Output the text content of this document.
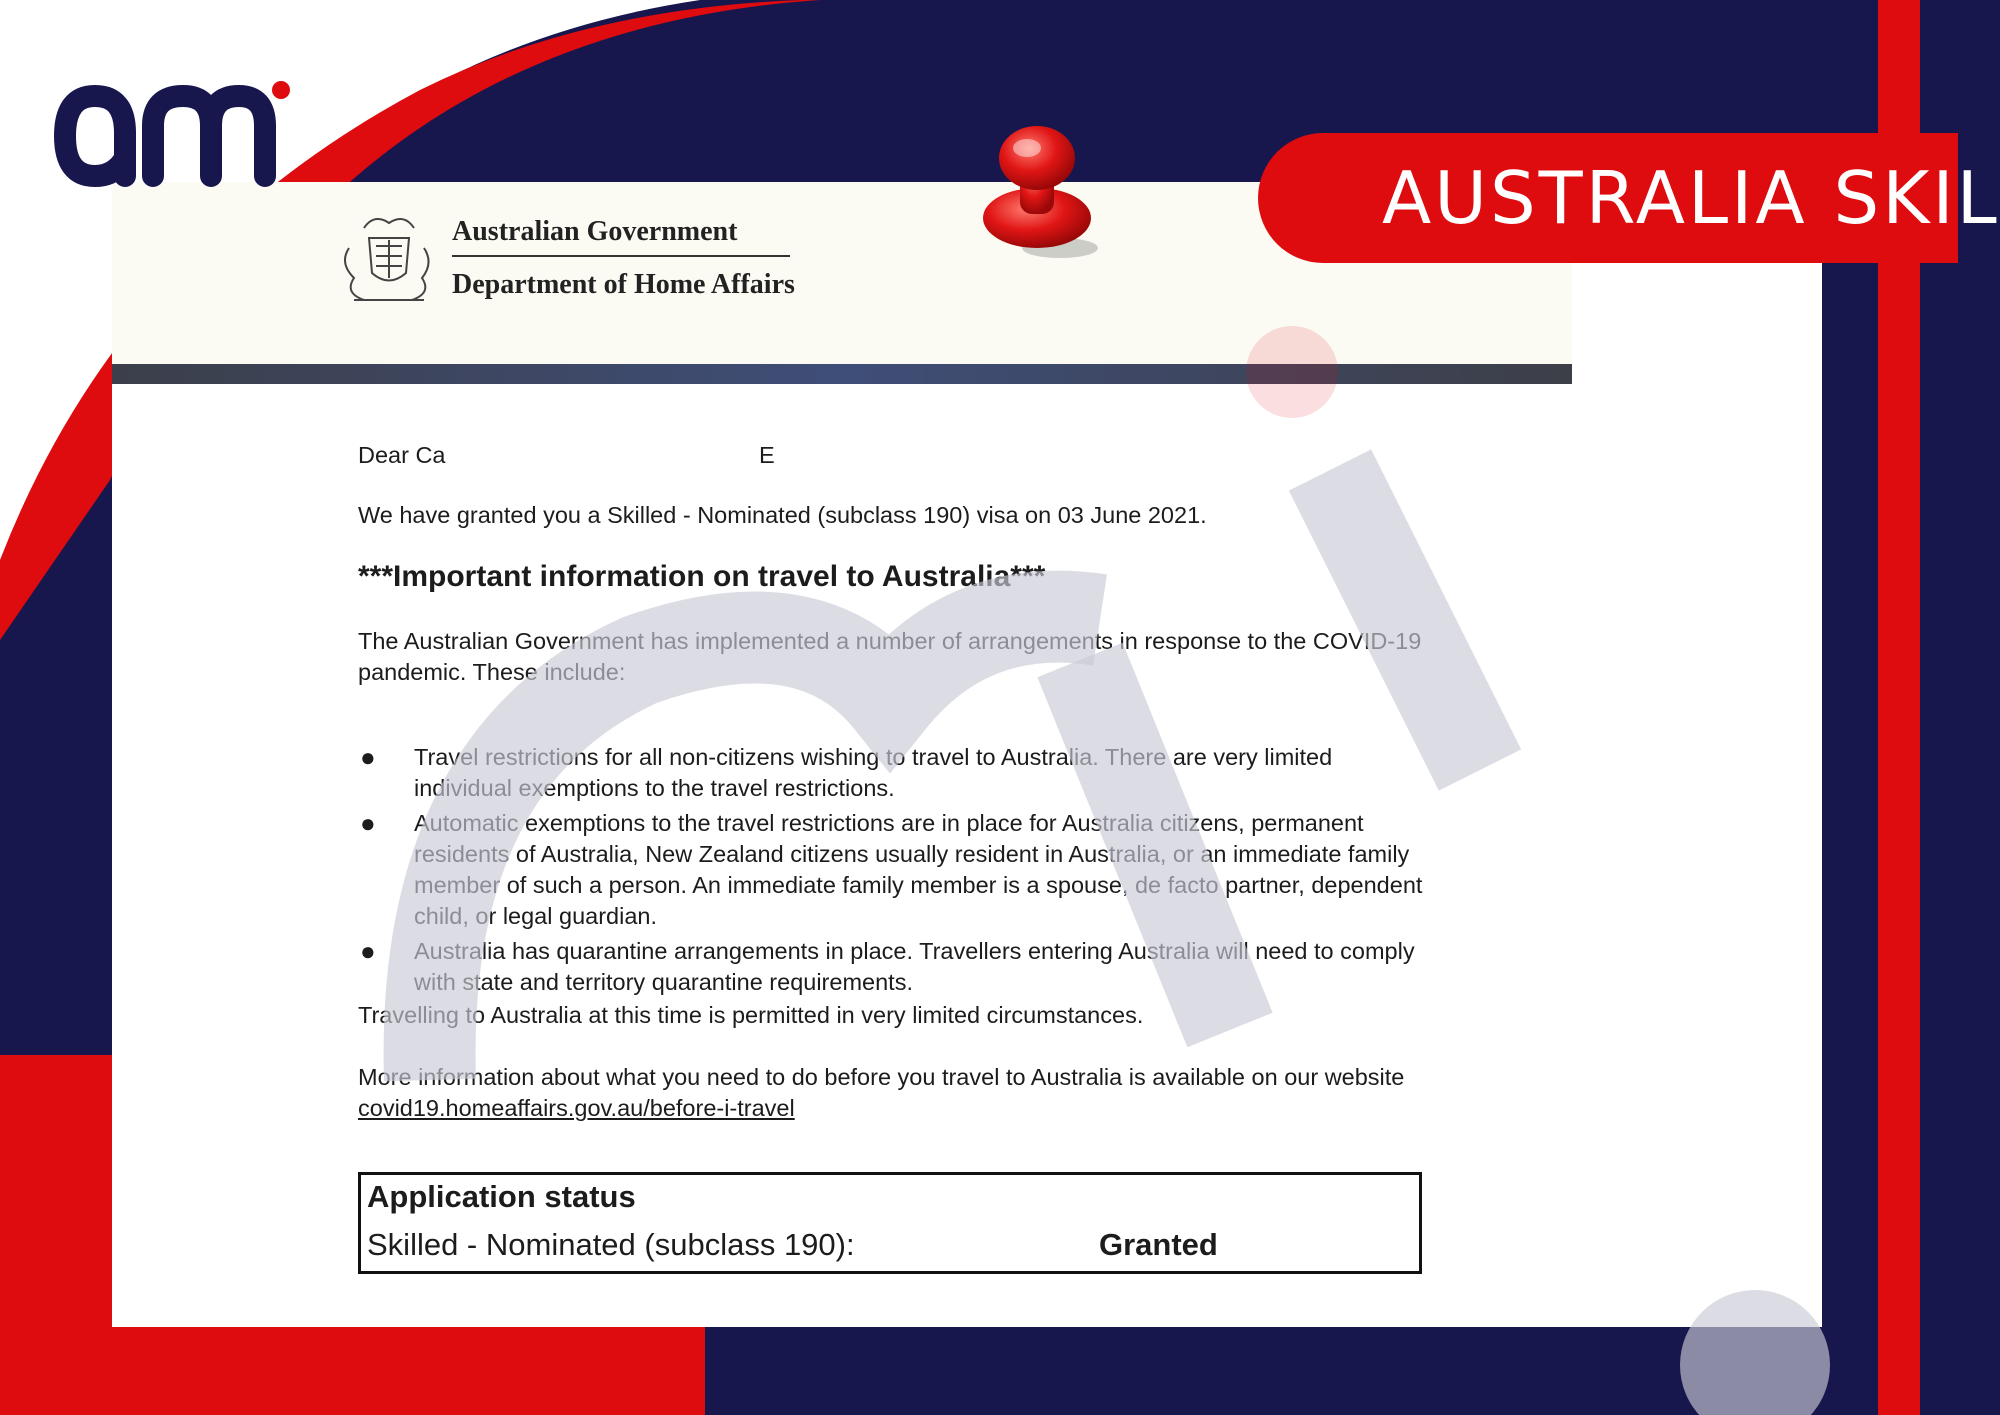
Australian Government
Department of Home Affairs
Dear Ca	E
We have granted you a Skilled - Nominated (subclass 190) visa on 03 June 2021.
***Important information on travel to Australia***
The Australian Government has implemented a number of arrangements in response to the COVID-19 pandemic. These include:
● Travel restrictions for all non-citizens wishing to travel to Australia. There are very limited individual exemptions to the travel restrictions.
● Automatic exemptions to the travel restrictions are in place for Australia citizens, permanent residents of Australia, New Zealand citizens usually resident in Australia, or an immediate family member of such a person. An immediate family member is a spouse, de facto partner, dependent child, or legal guardian.
● Australia has quarantine arrangements in place. Travellers entering Australia will need to comply with state and territory quarantine requirements.
Travelling to Australia at this time is permitted in very limited circumstances.
More information about what you need to do before you travel to Australia is available on our website covid19.homeaffairs.gov.au/before-i-travel
Application status
Skilled - Nominated (subclass 190):	Granted
AUSTRALIA SKIL
